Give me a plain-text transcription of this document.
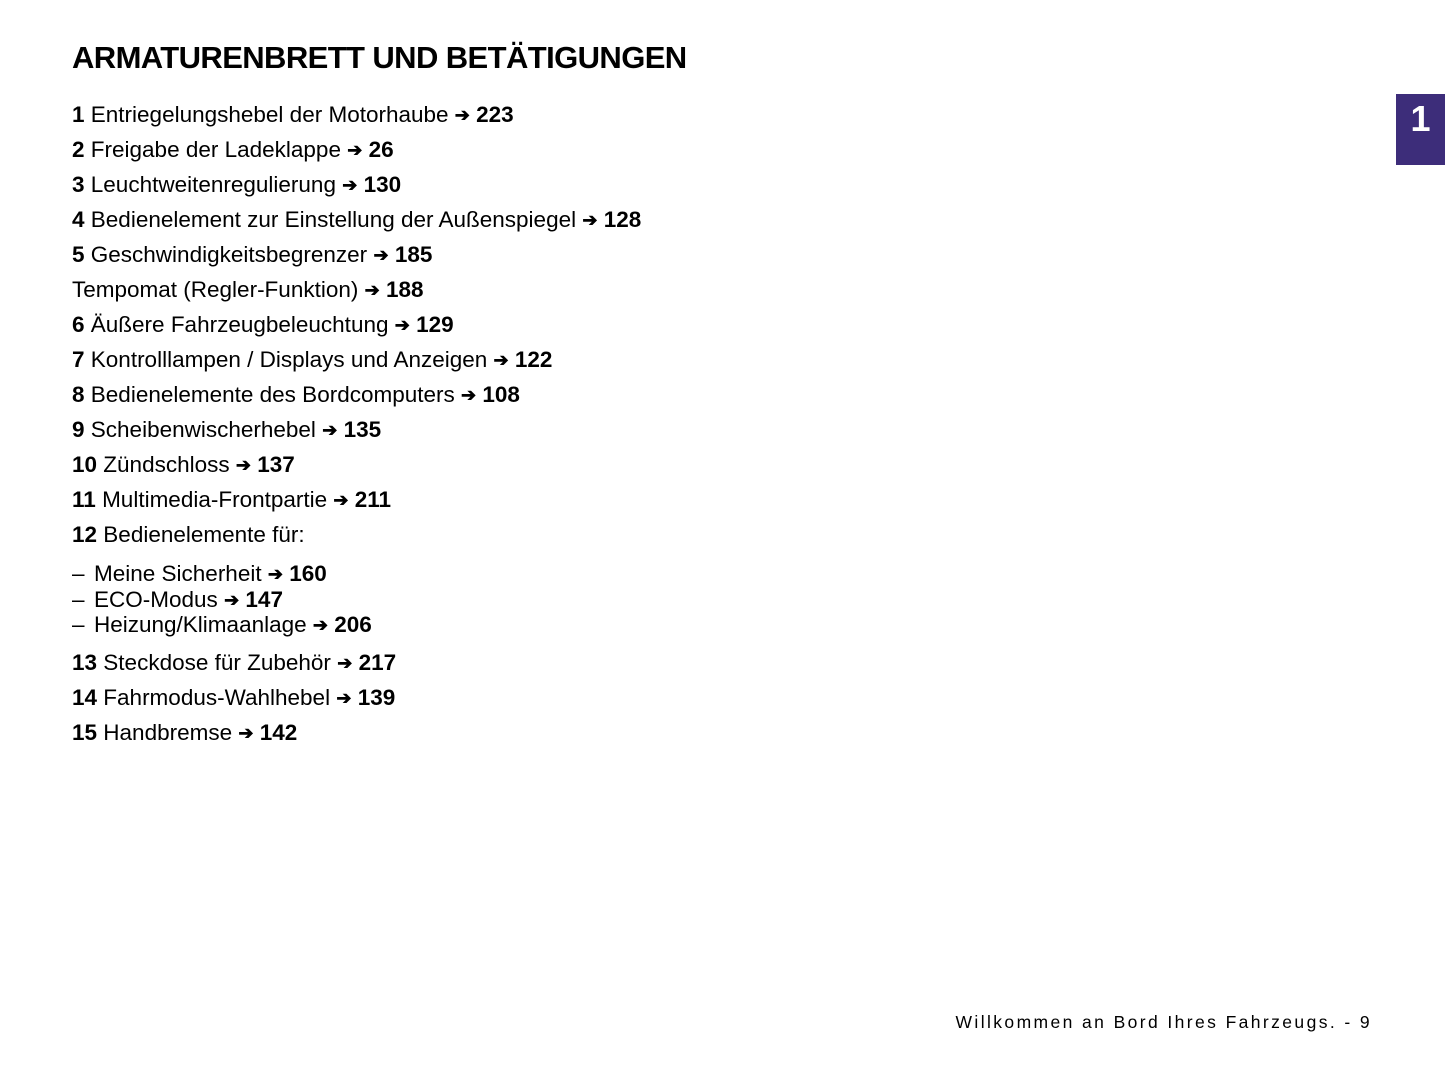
ARMATURENBRETT UND BETÄTIGUNGEN
1
1 Entriegelungshebel der Motorhaube ➔ 223
2 Freigabe der Ladeklappe ➔ 26
3 Leuchtweitenregulierung ➔ 130
4 Bedienelement zur Einstellung der Außenspiegel ➔ 128
5 Geschwindigkeitsbegrenzer ➔ 185
Tempomat (Regler-Funktion) ➔ 188
6 Äußere Fahrzeugbeleuchtung ➔ 129
7 Kontrolllampen / Displays und Anzeigen ➔ 122
8 Bedienelemente des Bordcomputers ➔ 108
9 Scheibenwischerhebel ➔ 135
10 Zündschloss ➔ 137
11 Multimedia-Frontpartie ➔ 211
12 Bedienelemente für:
– Meine Sicherheit ➔ 160
– ECO-Modus ➔ 147
– Heizung/Klimaanlage ➔ 206
13 Steckdose für Zubehör ➔ 217
14 Fahrmodus-Wahlhebel ➔ 139
15 Handbremse ➔ 142
Willkommen an Bord Ihres Fahrzeugs. - 9
